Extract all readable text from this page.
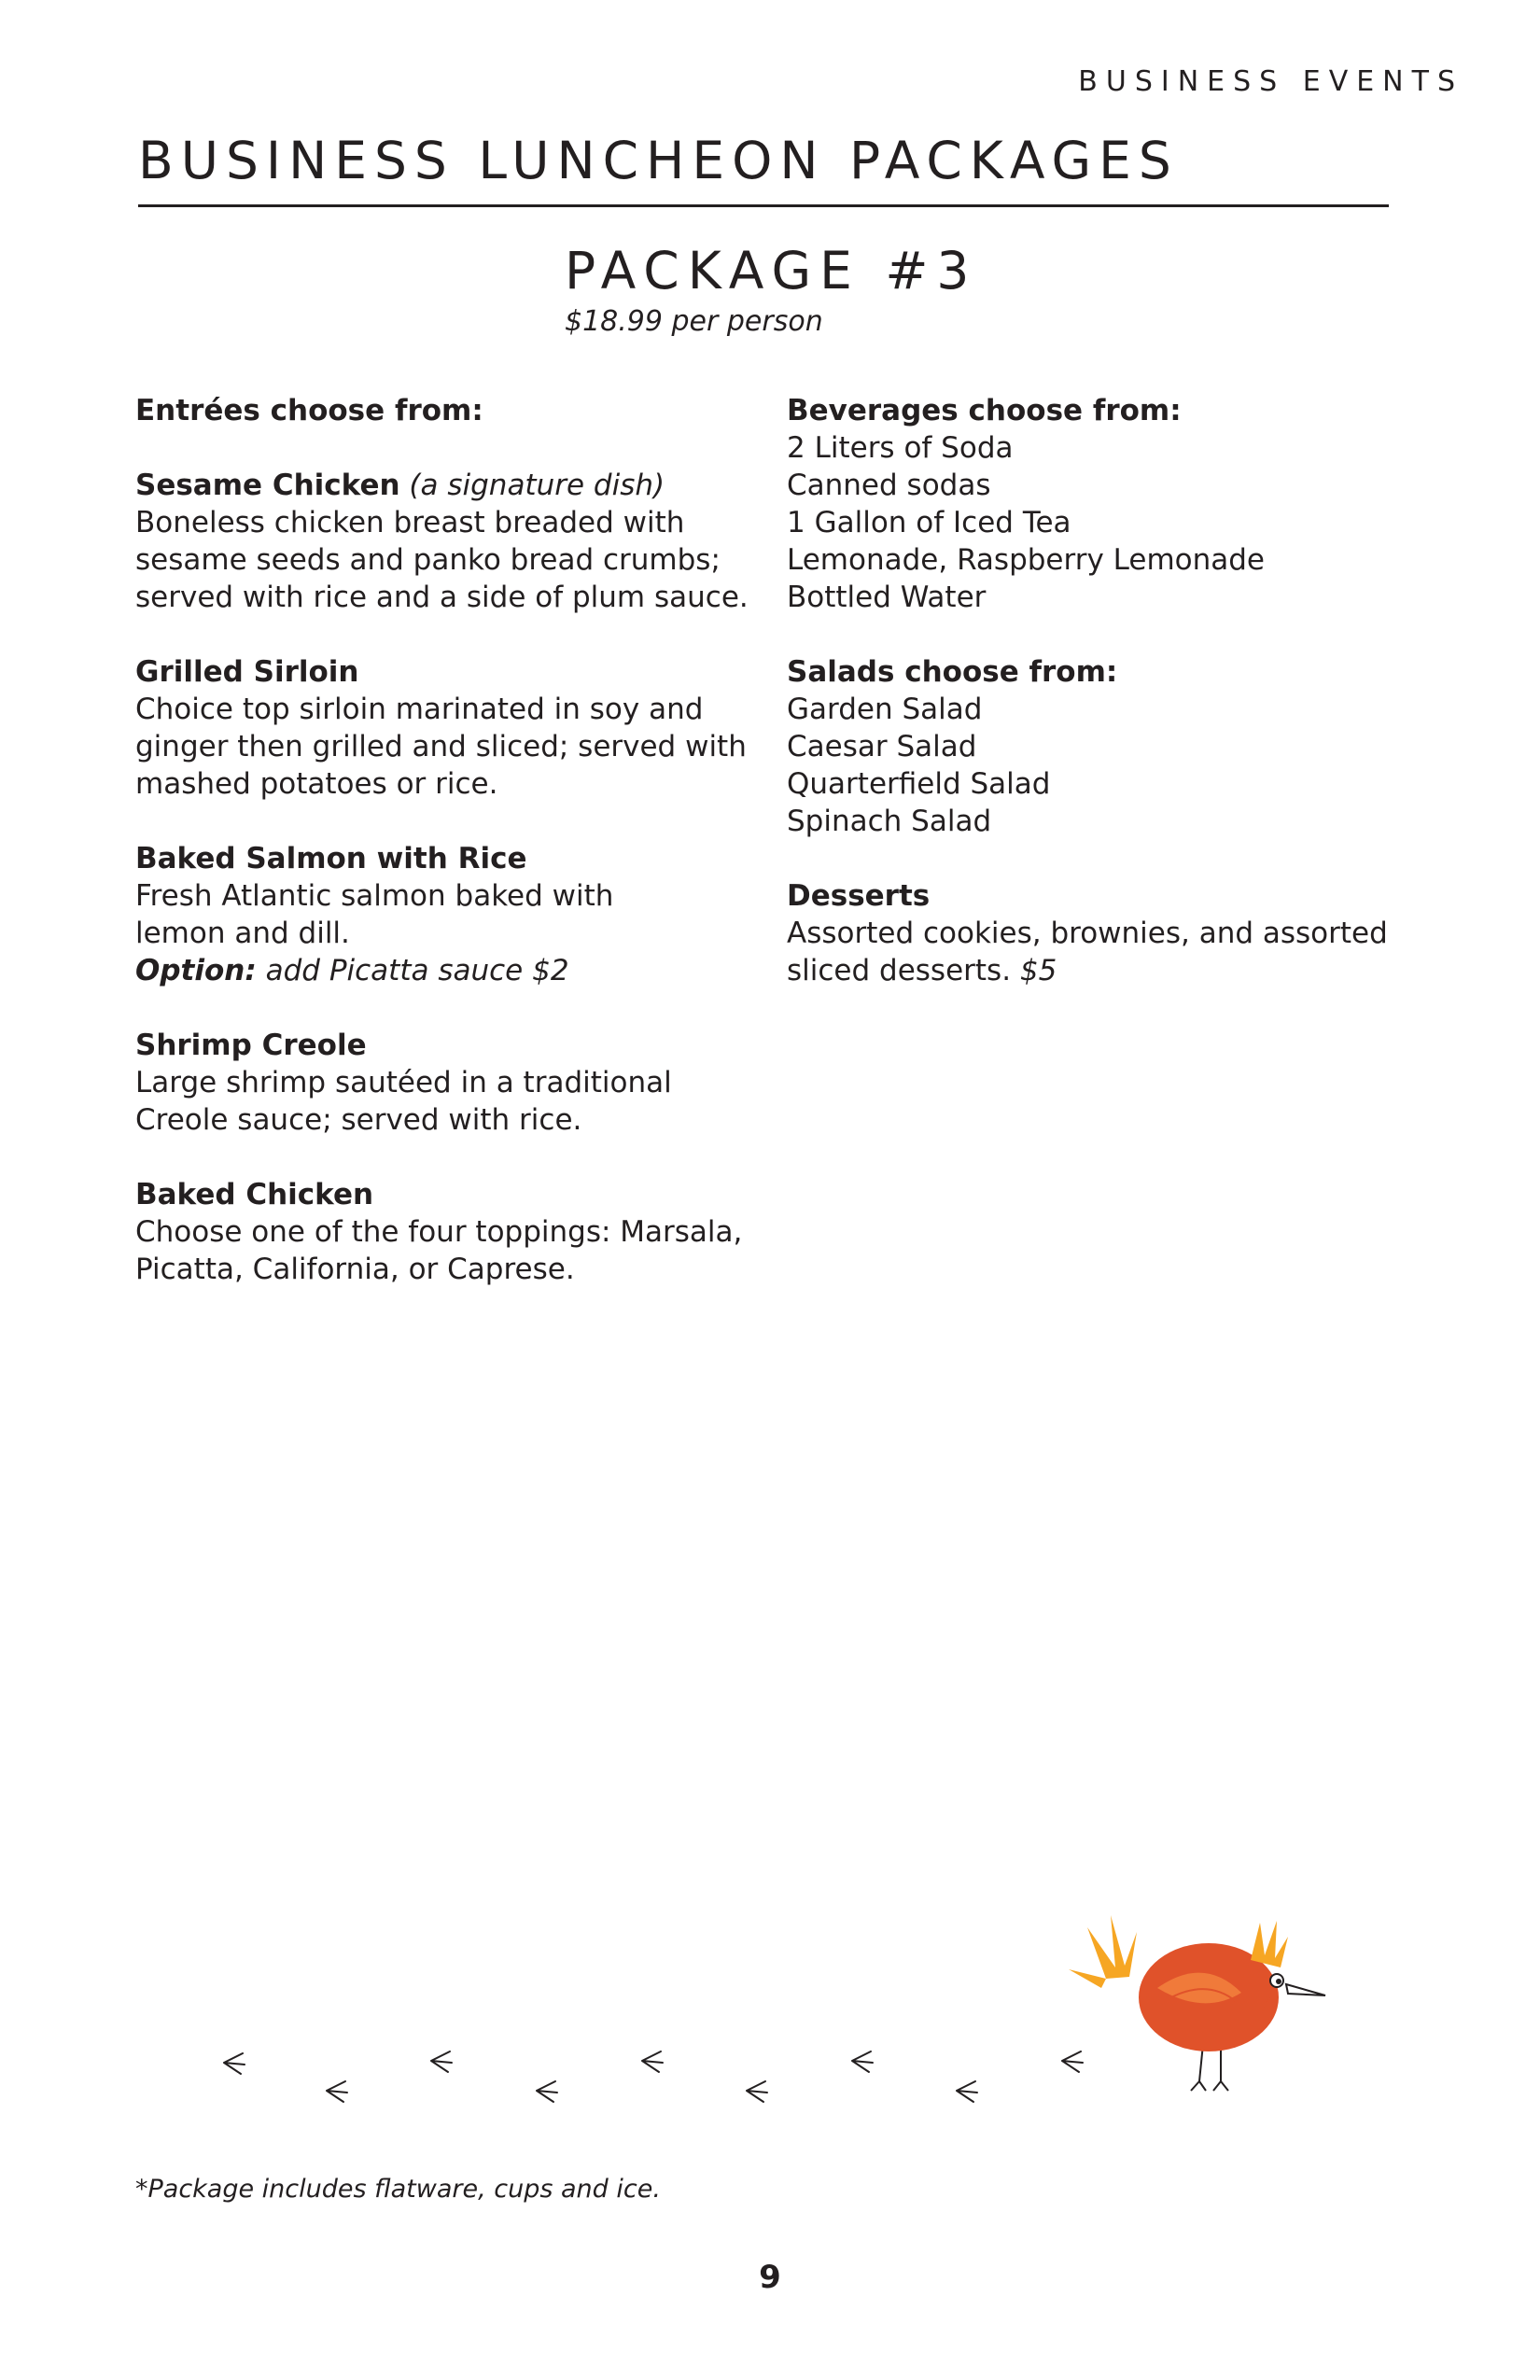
BUSINESS EVENTS
BUSINESS LUNCHEON PACKAGES
PACKAGE #3
$18.99 per person
Entrées choose from:
Sesame Chicken (a signature dish)
Boneless chicken breast breaded with
sesame seeds and panko bread crumbs;
served with rice and a side of plum sauce.
Grilled Sirloin
Choice top sirloin marinated in soy and
ginger then grilled and sliced; served with
mashed potatoes or rice.
Baked Salmon with Rice
Fresh Atlantic salmon baked with
lemon and dill.
Option: add Picatta sauce $2
Shrimp Creole
Large shrimp sautéed in a traditional
Creole sauce; served with rice.
Baked Chicken
Choose one of the four toppings: Marsala,
Picatta, California, or Caprese.
Beverages choose from:
2 Liters of Soda
Canned sodas
1 Gallon of Iced Tea
Lemonade, Raspberry Lemonade
Bottled Water
Salads choose from:
Garden Salad
Caesar Salad
Quarterfield Salad
Spinach Salad
Desserts
Assorted cookies, brownies, and assorted
sliced desserts. $5
*Package includes flatware, cups and ice.
9
